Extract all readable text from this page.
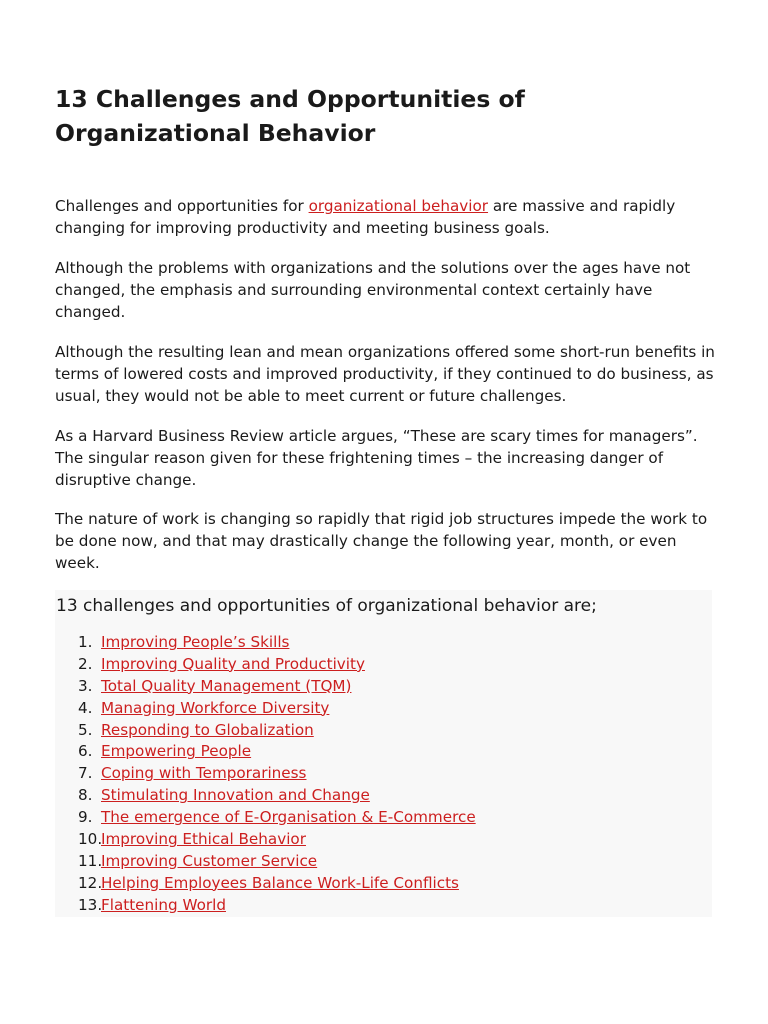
13 Challenges and Opportunities of Organizational Behavior

Challenges and opportunities for organizational behavior are massive and rapidly changing for improving productivity and meeting business goals.

Although the problems with organizations and the solutions over the ages have not changed, the emphasis and surrounding environmental context certainly have changed.

Although the resulting lean and mean organizations offered some short-run benefits in terms of lowered costs and improved productivity, if they continued to do business, as usual, they would not be able to meet current or future challenges.

As a Harvard Business Review article argues, “These are scary times for managers”. The singular reason given for these frightening times – the increasing danger of disruptive change.

The nature of work is changing so rapidly that rigid job structures impede the work to be done now, and that may drastically change the following year, month, or even week.

13 challenges and opportunities of organizational behavior are;

1. Improving People’s Skills
2. Improving Quality and Productivity
3. Total Quality Management (TQM)
4. Managing Workforce Diversity
5. Responding to Globalization
6. Empowering People
7. Coping with Temporariness
8. Stimulating Innovation and Change
9. The emergence of E-Organisation & E-Commerce
10.Improving Ethical Behavior
11.Improving Customer Service
12.Helping Employees Balance Work-Life Conflicts
13.Flattening World
